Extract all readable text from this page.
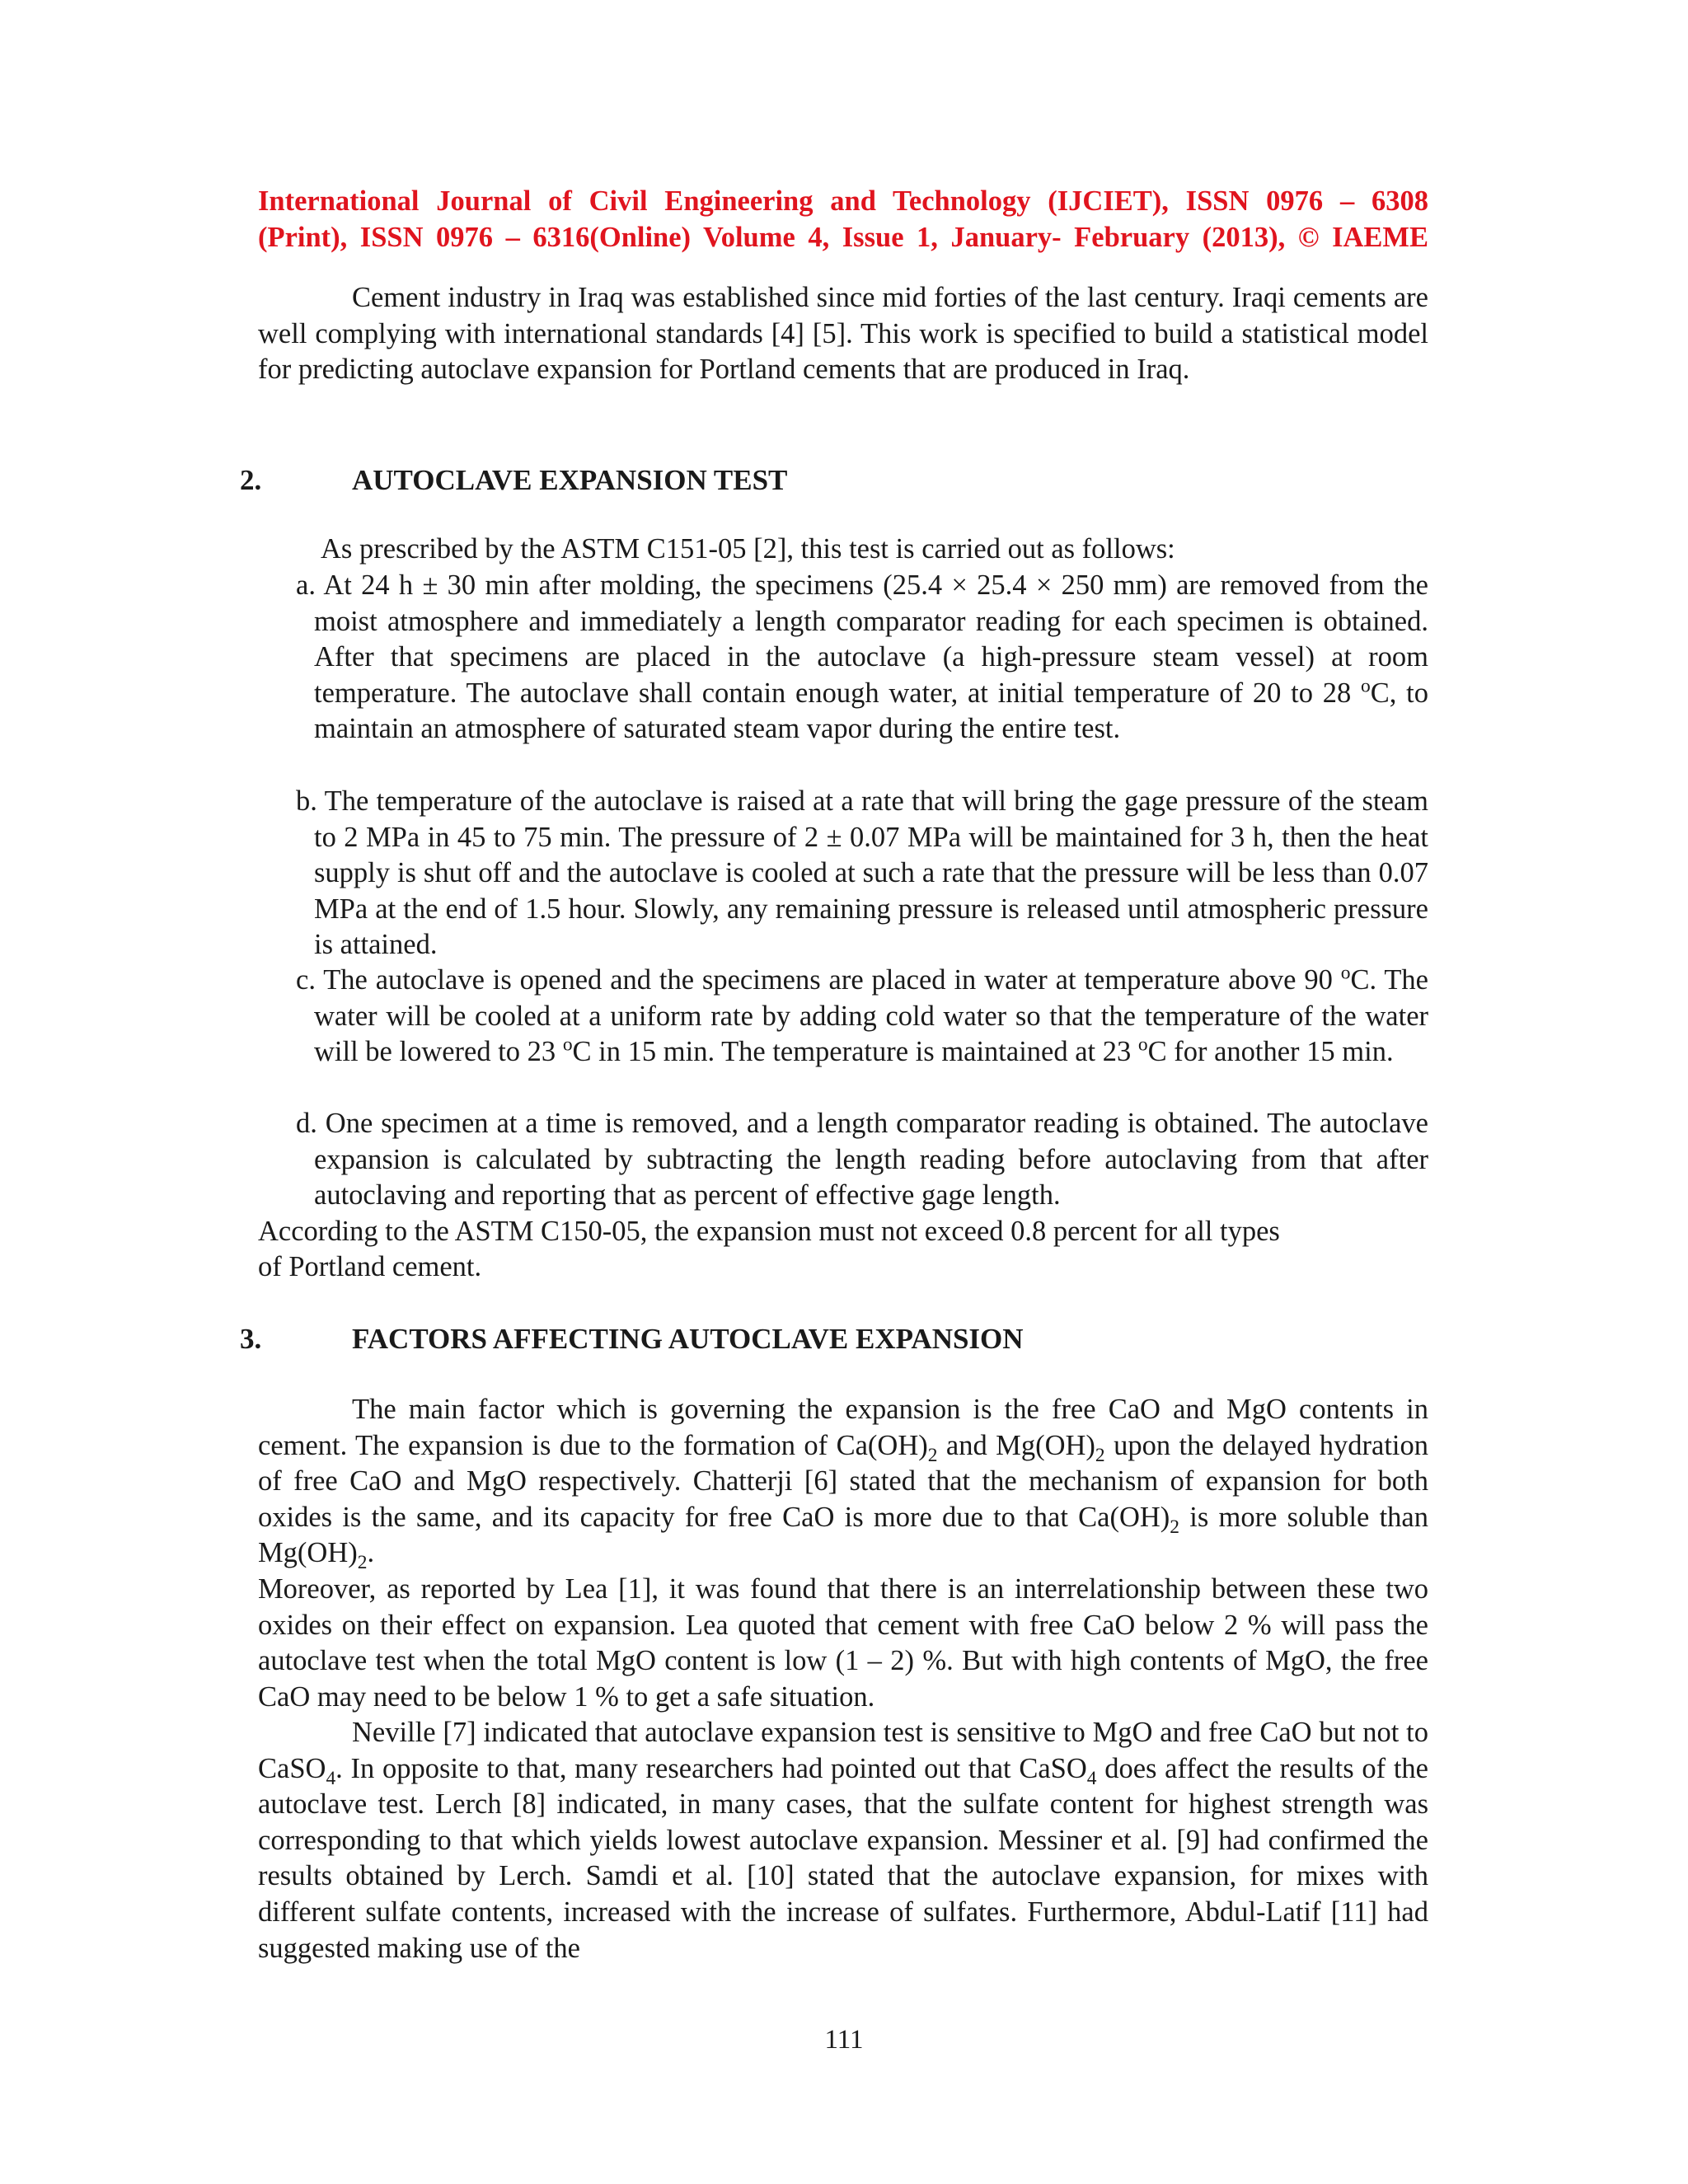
International Journal of Civil Engineering and Technology (IJCIET), ISSN 0976 – 6308
(Print), ISSN 0976 – 6316(Online) Volume 4, Issue 1, January- February (2013), © IAEME

Cement industry in Iraq was established since mid forties of the last century. Iraqi cements are well complying with international standards [4] [5]. This work is specified to build a statistical model for predicting autoclave expansion for Portland cements that are produced in Iraq.

2.	AUTOCLAVE EXPANSION TEST
As prescribed by the ASTM C151-05 [2], this test is carried out as follows:

a. At 24 h ± 30 min after molding, the specimens (25.4 × 25.4 × 250 mm) are removed from the moist atmosphere and immediately a length comparator reading for each specimen is obtained. After that specimens are placed in the autoclave (a high-pressure steam vessel) at room temperature. The autoclave shall contain enough water, at initial temperature of 20 to 28 $^o$C, to maintain an atmosphere of saturated steam vapor during the entire test.

b. The temperature of the autoclave is raised at a rate that will bring the gage pressure of the steam to 2 MPa in 45 to 75 min. The pressure of 2 ± 0.07 MPa will be maintained for 3 h, then the heat supply is shut off and the autoclave is cooled at such a rate that the pressure will be less than 0.07 MPa at the end of 1.5 hour. Slowly, any remaining pressure is released until atmospheric pressure is attained.

c. The autoclave is opened and the specimens are placed in water at temperature above 90 $^o$C. The water will be cooled at a uniform rate by adding cold water so that the temperature of the water will be lowered to 23 $^o$C in 15 min. The temperature is maintained at 23 $^o$C for another 15 min.

d. One specimen at a time is removed, and a length comparator reading is obtained. The autoclave expansion is calculated by subtracting the length reading before autoclaving from that after autoclaving and reporting that as percent of effective gage length.

According to the ASTM C150-05, the expansion must not exceed 0.8 percent for all types
of Portland cement.
3.	FACTORS AFFECTING AUTOCLAVE EXPANSION

The main factor which is governing the expansion is the free CaO and MgO contents in cement. The expansion is due to the formation of $Ca(OH)_2$ and $Mg(OH)_2$ upon the delayed hydration of free CaO and MgO respectively. Chatterji [6] stated that the mechanism of expansion for both oxides is the same, and its capacity for free CaO is more due to that $Ca(OH)_2$ is more soluble than $Mg(OH)_2$.

Moreover, as reported by Lea [1], it was found that there is an interrelationship between these two oxides on their effect on expansion. Lea quoted that cement with free CaO below 2 % will pass the autoclave test when the total MgO content is low (1 – 2) %. But with high contents of MgO, the free CaO may need to be below 1 % to get a safe situation.

Neville [7] indicated that autoclave expansion test is sensitive to MgO and free CaO but not to CaSO$_4$. In opposite to that, many researchers had pointed out that CaSO$_4$ does affect the results of the autoclave test. Lerch [8] indicated, in many cases, that the sulfate content for highest strength was corresponding to that which yields lowest autoclave expansion. Messiner et al. [9] had confirmed the results obtained by Lerch. Samdi et al. [10] stated that the autoclave expansion, for mixes with different sulfate contents, increased with the increase of sulfates. Furthermore, Abdul-Latif [11] had suggested making use of the

111
